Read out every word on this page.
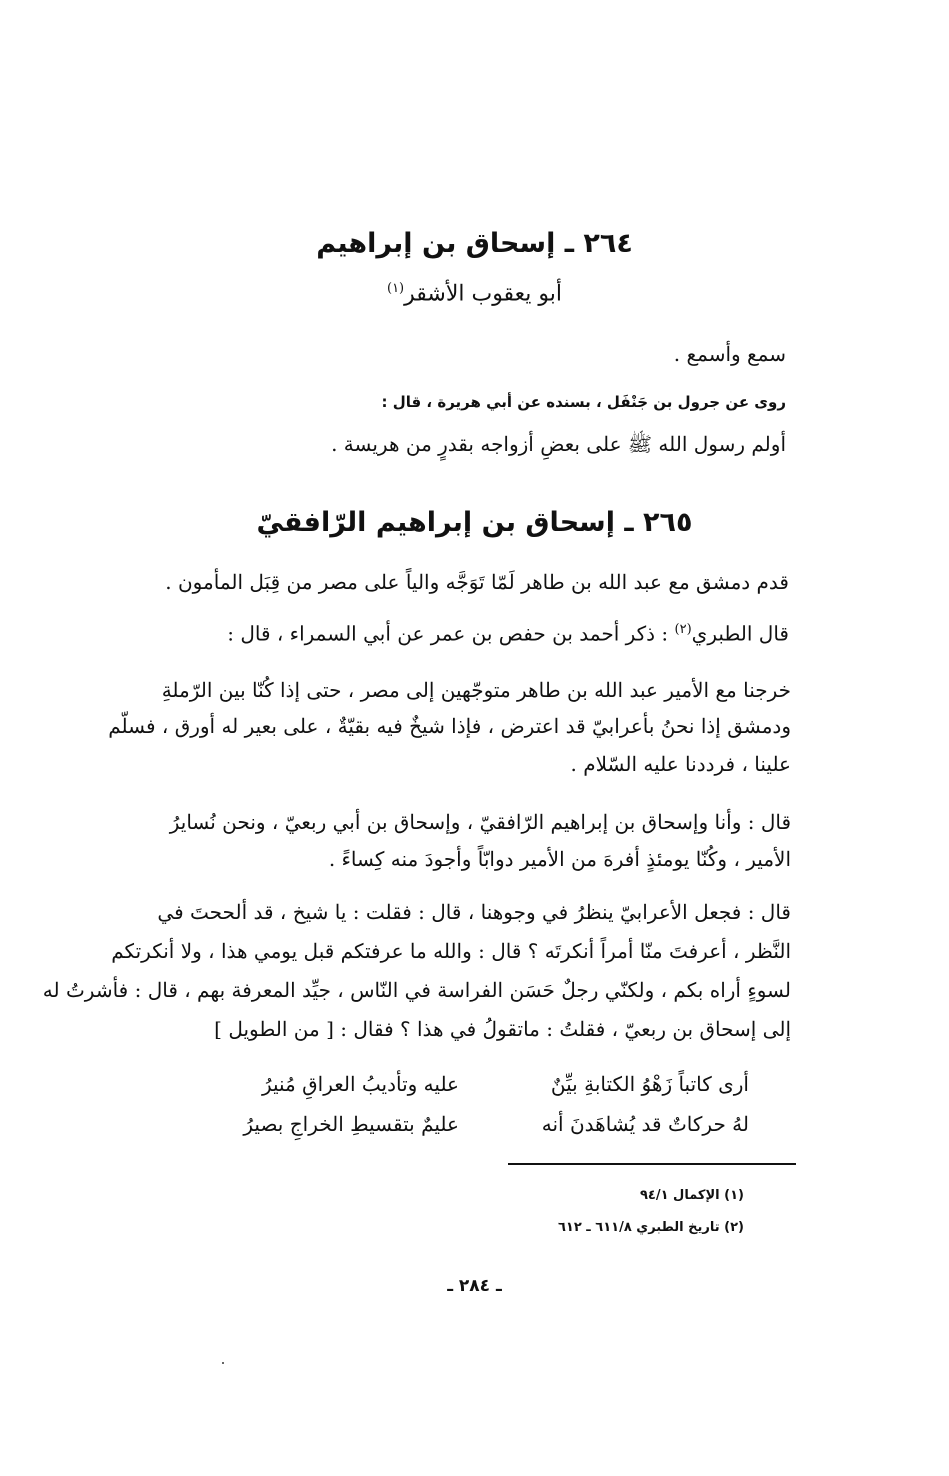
٢٦٤ ـ إسحاق بن إبراهيم
أبو يعقوب الأشقر$^{(١)}$
سمع وأسمع .
روى عن جرول بن جَنْفَل ، بسنده عن أبي هريرة ، قال :
أولم رسول الله ﷺ على بعضِ أزواجه بقدرٍ من هريسة .
٢٦٥ ـ إسحاق بن إبراهيم الرّافقيّ
قدم دمشق مع عبد الله بن طاهر لَمّا تَوَجَّه والياً على مصر من قِبَل المأمون .
قال الطبري$^{(٢)}$ : ذكر أحمد بن حفص بن عمر عن أبي السمراء ، قال :
خرجنا مع الأمير عبد الله بن طاهر متوجّهين إلى مصر ، حتى إذا كُنّا بين الرّملةِ
ودمشق إذا نحنُ بأعرابيّ قد اعترض ، فإذا شيخٌ فيه بقيّةٌ ، على بعير له أورق ، فسلّم
علينا ، فرددنا عليه السّلام .
قال : وأنا وإسحاق بن إبراهيم الرّافقيّ ، وإسحاق بن أبي ربعيّ ، ونحن نُسايرُ
الأمير ، وكُنّا يومئذٍ أفرهَ من الأمير دوابّاً وأجودَ منه كِساءً .
قال : فجعل الأعرابيّ ينظرُ في وجوهنا ، قال : فقلت : يا شيخ ، قد ألححتَ في
النَّظر ، أعرفتَ منّا أمراً أنكرتَه ؟ قال : والله ما عرفتكم قبل يومي هذا ، ولا أنكرتكم
لسوءٍ أراه بكم ، ولكنّي رجلٌ حَسَن الفراسة في النّاس ، جيِّد المعرفة بهم ، قال : فأشرتُ له
إلى إسحاق بن ربعيّ ، فقلتُ : ماتقولُ في هذا ؟ فقال : [ من الطويل ]
أرى كاتباً زَهْوُ الكتابةِ بيِّنٌ
عليه وتأديبُ العراقِ مُنيرُ
لهُ حركاتٌ قد يُشاهَدنَ أنه
عليمٌ بتقسيطِ الخراجِ بصيرُ
(١) الإكمال ٩٤/١
(٢) تاريخ الطبري ٦١١/٨ ـ ٦١٢
ـ ٢٨٤ ـ
